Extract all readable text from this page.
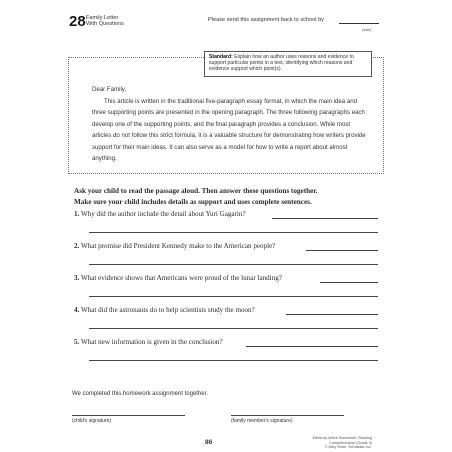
28 Family Letter
With Questions
Please send this assignment back to school by
(date)
Standard: Explain how an author uses reasons and evidence to support particular points in a text, identifying which reasons and evidence support which point(s).
Dear Family,

This article is written in the traditional five-paragraph essay format, in which the main idea and three supporting points are presented in the opening paragraph. The three following paragraphs each develop one of the supporting points, and the final paragraph provides a conclusion. While most articles do not follow this strict formula, it is a valuable structure for demonstrating how writers provide support for their main ideas. It can also serve as a model for how to write a report about almost anything.

Ask your child to read the passage aloud. Then answer these questions together.
Make sure your child includes details as support and uses complete sentences.
1. Why did the author include the detail about Yuri Gagarin?
2. What promise did President Kennedy make to the American people?
3. What evidence shows that Americans were proud of the lunar landing?
4. What did the astronauts do to help scientists study the moon?
5. What new information is given in the conclusion?
We completed this homework assignment together.
(child's signature)	(family member's signature)
86
Week-by-Week Homework: Reading Comprehension (Grade 3)
© Mary Rose, Scholastic Inc.
